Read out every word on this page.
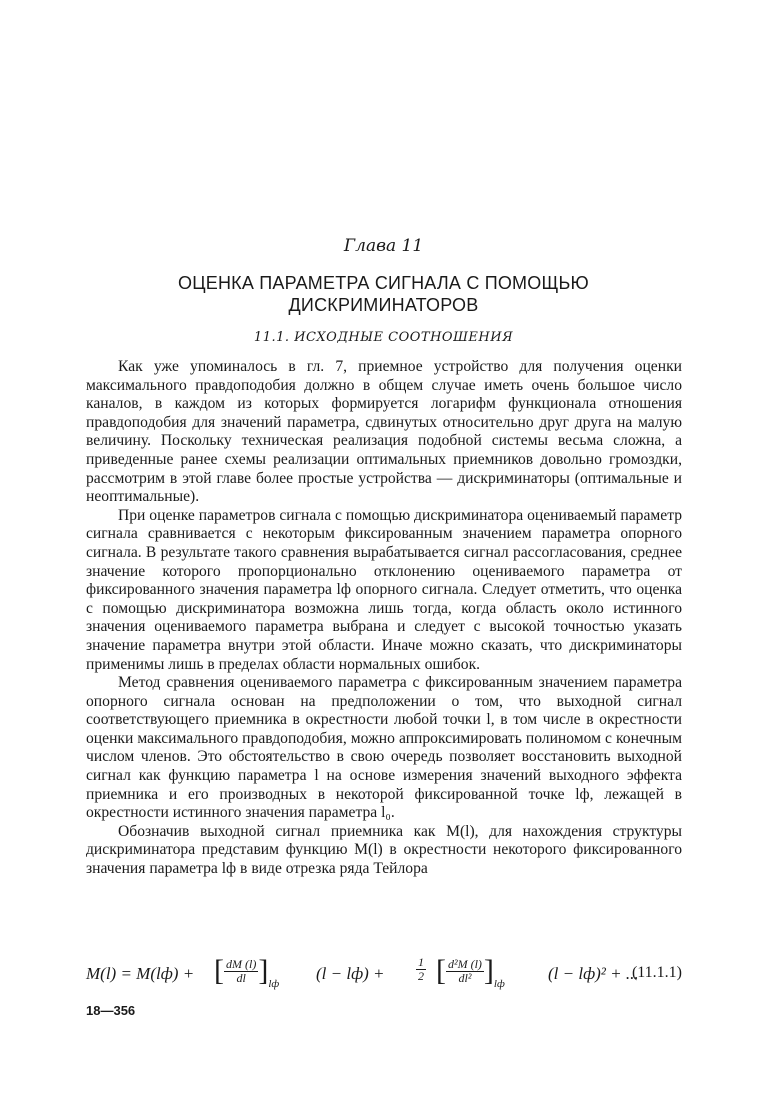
Глава 11
ОЦЕНКА ПАРАМЕТРА СИГНАЛА С ПОМОЩЬЮ
ДИСКРИМИНАТОРОВ
11.1. ИСХОДНЫЕ СООТНОШЕНИЯ

Как уже упоминалось в гл. 7, приемное устройство для получения оценки максимального правдоподобия должно в общем случае иметь очень большое число каналов, в каждом из которых формируется логарифм функционала отношения правдоподобия для значений параметра, сдвинутых относительно друг друга на малую величину. Поскольку техническая реализация подобной системы весьма сложна, а приведенные ранее схемы реализации оптимальных приемников довольно громоздки, рассмотрим в этой главе более простые устройства — дискриминаторы (оптимальные и неоптимальные).

При оценке параметров сигнала с помощью дискриминатора оцениваемый параметр сигнала сравнивается с некоторым фиксированным значением параметра опорного сигнала. В результате такого сравнения вырабатывается сигнал рассогласования, среднее значение которого пропорционально отклонению оцениваемого параметра от фиксированного значения параметра lф опорного сигнала. Следует отметить, что оценка с помощью дискриминатора возможна лишь тогда, когда область около истинного значения оцениваемого параметра выбрана и следует с высокой точностью указать значение параметра внутри этой области. Иначе можно сказать, что дискриминаторы применимы лишь в пределах области нормальных ошибок.

Метод сравнения оцениваемого параметра с фиксированным значением параметра опорного сигнала основан на предположении о том, что выходной сигнал соответствующего приемника в окрестности любой точки l, в том числе в окрестности оценки максимального правдоподобия, можно аппроксимировать полиномом с конечным числом членов. Это обстоятельство в свою очередь позволяет восстановить выходной сигнал как функцию параметра l на основе измерения значений выходного эффекта приемника и его производных в некоторой фиксированной точке lф, лежащей в окрестности истинного значения параметра l₀.

Обозначив выходной сигнал приемника как M(l), для нахождения структуры дискриминатора представим функцию M(l) в окрестности некоторого фиксированного значения параметра lф в виде отрезка ряда Тейлора

M(l) = M(lф) + [ $\frac{dM (l)}{dl} ]_{lф}$
(l − lф) +	$\frac{1}{2}$ [ $\frac{\text{d²M (l)}}{\text{dl²}} ]_{lф}$
(l − lф)² + ...
(11.1.1)
18—356
